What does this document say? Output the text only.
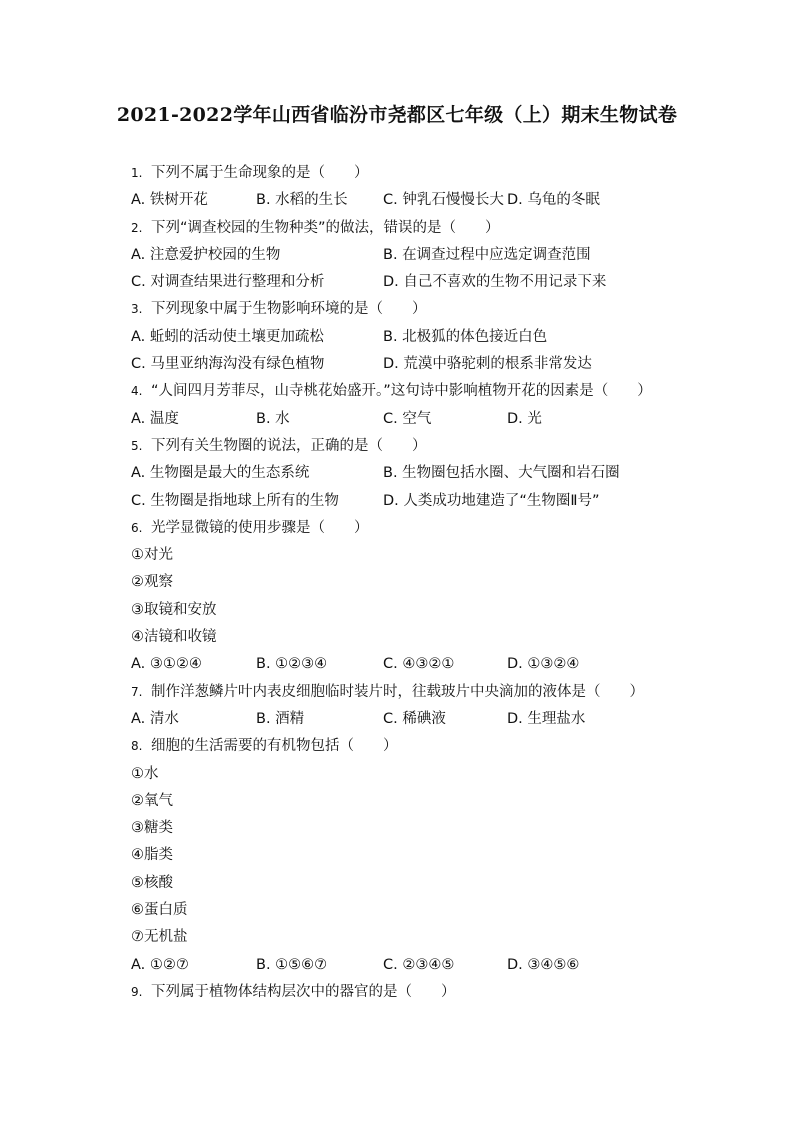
2021-2022学年山西省临汾市尧都区七年级（上）期末生物试卷
1. 下列不属于生命现象的是（　　）
A. 铁树开花	B. 水稻的生长 C. 钟乳石慢慢长大 D. 乌龟的冬眠
2. 下列“调查校园的生物种类”的做法，错误的是（　　）
A. 注意爱护校园的生物	B. 在调查过程中应选定调查范围
C. 对调查结果进行整理和分析	D. 自己不喜欢的生物不用记录下来
3. 下列现象中属于生物影响环境的是（　　）
A. 蚯蚓的活动使土壤更加疏松	B. 北极狐的体色接近白色
C. 马里亚纳海沟没有绿色植物	D. 荒漠中骆驼刺的根系非常发达
4. “人间四月芳菲尽，山寺桃花始盛开。”这句诗中影响植物开花的因素是（　　）
A. 温度	B. 水	C. 空气	D. 光
5. 下列有关生物圈的说法，正确的是（　　）
A. 生物圈是最大的生态系统	B. 生物圈包括水圈、大气圈和岩石圈
C. 生物圈是指地球上所有的生物	D. 人类成功地建造了“生物圈Ⅱ号”
6. 光学显微镜的使用步骤是（　　）
①对光
②观察
③取镜和安放
④洁镜和收镜
A. ③①②④	B. ①②③④	C. ④③②①	D. ①③②④
7. 制作洋葱鳞片叶内表皮细胞临时装片时，往载玻片中央滴加的液体是（　　）
A. 清水	B. 酒精	C. 稀碘液	D. 生理盐水
8. 细胞的生活需要的有机物包括（　　）
①水
②氧气
③糖类
④脂类
⑤核酸
⑥蛋白质
⑦无机盐
A. ①②⑦	B. ①⑤⑥⑦	C. ②③④⑤	D. ③④⑤⑥
9. 下列属于植物体结构层次中的器官的是（　　）
